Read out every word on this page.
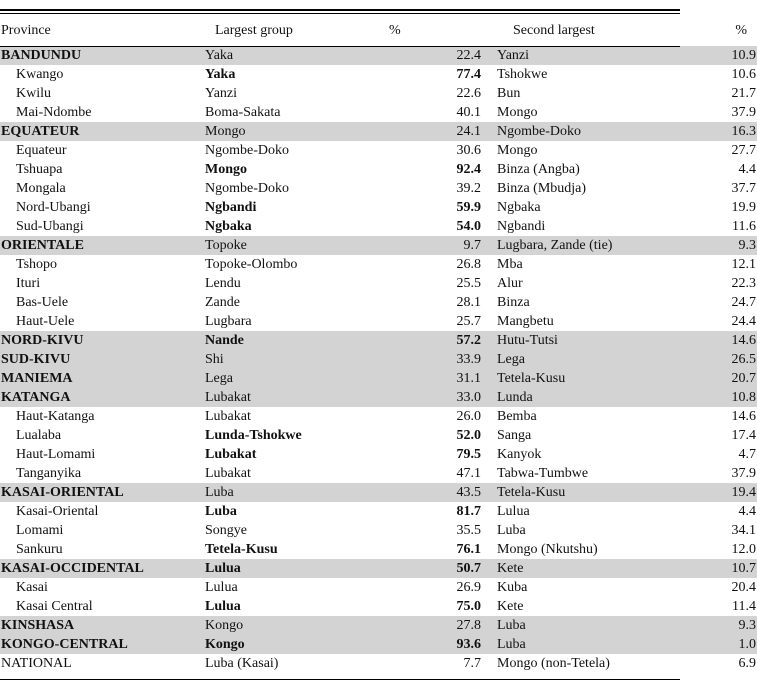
Province	Largest group	%	Second largest	%
BANDUNDU	Yaka	22.4	Yanzi	10.9
Kwango	Yaka	77.4	Tshokwe	10.6
Kwilu	Yanzi	22.6	Bun	21.7
Mai-Ndombe	Boma-Sakata	40.1	Mongo	37.9
EQUATEUR	Mongo	24.1	Ngombe-Doko	16.3
Equateur	Ngombe-Doko	30.6	Mongo	27.7
Tshuapa	Mongo	92.4	Binza (Angba)	4.4
Mongala	Ngombe-Doko	39.2	Binza (Mbudja)	37.7
Nord-Ubangi	Ngbandi	59.9	Ngbaka	19.9
Sud-Ubangi	Ngbaka	54.0	Ngbandi	11.6
ORIENTALE	Topoke	9.7	Lugbara, Zande (tie)	9.3
Tshopo	Topoke-Olombo	26.8	Mba	12.1
Ituri	Lendu	25.5	Alur	22.3
Bas-Uele	Zande	28.1	Binza	24.7
Haut-Uele	Lugbara	25.7	Mangbetu	24.4
NORD-KIVU	Nande	57.2	Hutu-Tutsi	14.6
SUD-KIVU	Shi	33.9	Lega	26.5
MANIEMA	Lega	31.1	Tetela-Kusu	20.7
KATANGA	Lubakat	33.0	Lunda	10.8
Haut-Katanga	Lubakat	26.0	Bemba	14.6
Lualaba	Lunda-Tshokwe	52.0	Sanga	17.4
Haut-Lomami	Lubakat	79.5	Kanyok	4.7
Tanganyika	Lubakat	47.1	Tabwa-Tumbwe	37.9
KASAI-ORIENTAL	Luba	43.5	Tetela-Kusu	19.4
Kasai-Oriental	Luba	81.7	Lulua	4.4
Lomami	Songye	35.5	Luba	34.1
Sankuru	Tetela-Kusu	76.1	Mongo (Nkutshu)	12.0
KASAI-OCCIDENTAL	Lulua	50.7	Kete	10.7
Kasai	Lulua	26.9	Kuba	20.4
Kasai Central	Lulua	75.0	Kete	11.4
KINSHASA	Kongo	27.8	Luba	9.3
KONGO-CENTRAL	Kongo	93.6	Luba	1.0
NATIONAL	Luba (Kasai)	7.7	Mongo (non-Tetela)	6.9
